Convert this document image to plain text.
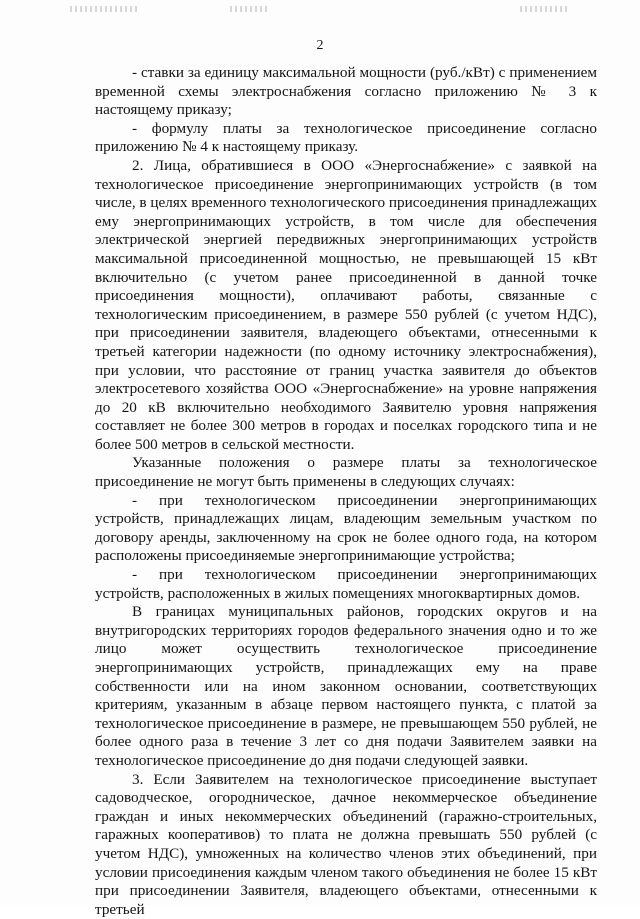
2

- ставки за единицу максимальной мощности (руб./кВт) с применением временной схемы электроснабжения согласно приложению № 3 к настоящему приказу;

- формулу платы за технологическое присоединение согласно приложению № 4 к настоящему приказу.

2. Лица, обратившиеся в ООО «Энергоснабжение» с заявкой на технологическое присоединение энергопринимающих устройств (в том числе, в целях временного технологического присоединения принадлежащих ему энергопринимающих устройств, в том числе для обеспечения электрической энергией передвижных энергопринимающих устройств максимальной присоединенной мощностью, не превышающей 15 кВт включительно (с учетом ранее присоединенной в данной точке присоединения мощности), оплачивают работы, связанные с технологическим присоединением, в размере 550 рублей (с учетом НДС), при присоединении заявителя, владеющего объектами, отнесенными к третьей категории надежности (по одному источнику электроснабжения), при условии, что расстояние от границ участка заявителя до объектов электросетевого хозяйства ООО «Энергоснабжение» на уровне напряжения до 20 кВ включительно необходимого Заявителю уровня напряжения составляет не более 300 метров в городах и поселках городского типа и не более 500 метров в сельской местности.

Указанные положения о размере платы за технологическое присоединение не могут быть применены в следующих случаях:

- при технологическом присоединении энергопринимающих устройств, принадлежащих лицам, владеющим земельным участком по договору аренды, заключенному на срок не более одного года, на котором расположены присоединяемые энергопринимающие устройства;

- при технологическом присоединении энергопринимающих устройств, расположенных в жилых помещениях многоквартирных домов.

В границах муниципальных районов, городских округов и на внутригородских территориях городов федерального значения одно и то же лицо может осуществить технологическое присоединение энергопринимающих устройств, принадлежащих ему на праве собственности или на ином законном основании, соответствующих критериям, указанным в абзаце первом настоящего пункта, с платой за технологическое присоединение в размере, не превышающем 550 рублей, не более одного раза в течение 3 лет со дня подачи Заявителем заявки на технологическое присоединение до дня подачи следующей заявки.

3. Если Заявителем на технологическое присоединение выступает садоводческое, огородническое, дачное некоммерческое объединение граждан и иных некоммерческих объединений (гаражно-строительных, гаражных кооперативов) то плата не должна превышать 550 рублей (с учетом НДС), умноженных на количество членов этих объединений, при условии присоединения каждым членом такого объединения не более 15 кВт при присоединении Заявителя, владеющего объектами, отнесенными к третьей
